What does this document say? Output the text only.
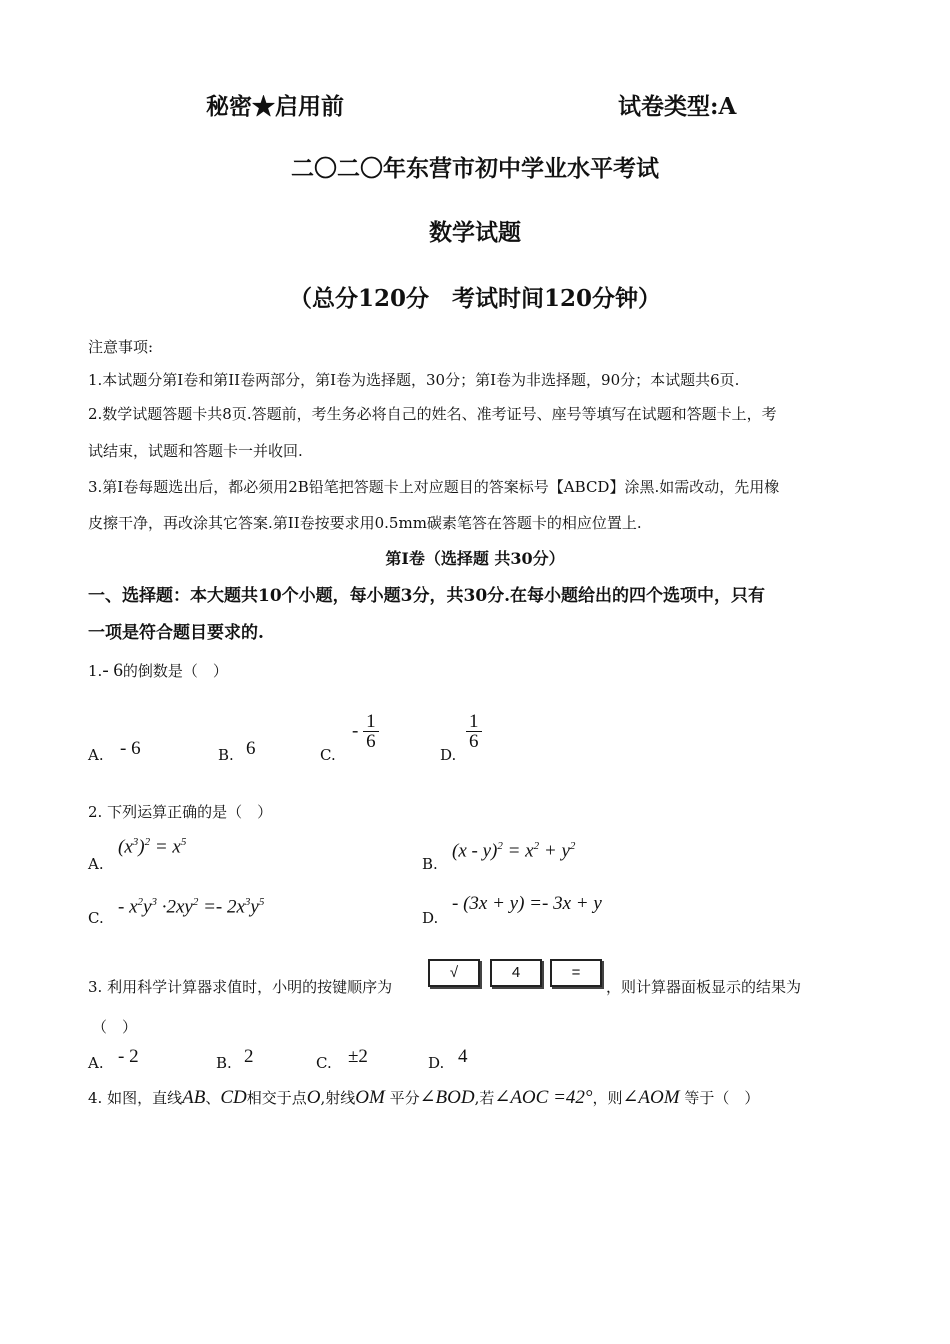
秘密★启用前	试卷类型:A
二〇二〇年东营市初中学业水平考试
数学试题
（总分120分　考试时间120分钟）
注意事项:
1.本试题分第Ⅰ卷和第II卷两部分，第Ⅰ卷为选择题，30分；第Ⅰ卷为非选择题，90分；本试题共6页.
2.数学试题答题卡共8页.答题前，考生务必将自己的姓名、准考证号、座号等填写在试题和答题卡上，考
试结束，试题和答题卡一并收回.
3.第Ⅰ卷每题选出后，都必须用2B铅笔把答题卡上对应题目的答案标号【ABCD】涂黑.如需改动，先用橡
皮擦干净，再改涂其它答案.第II卷按要求用0.5mm碳素笔答在答题卡的相应位置上.
第Ⅰ卷（选择题 共30分）
一、选择题：本大题共10个小题，每小题3分，共30分.在每小题给出的四个选项中，只有
一项是符合题目要求的.
1.- 6的倒数是（　）
A. - 6	B. 6	C.
- $\frac{1}{6}$
D.
$\frac{1}{6}$
2. 下列运算正确的是（　）
A.
$(x^3)^2 = x^5$
B.
$(x - y)^2 = x^2 + y^2$
C.
- $x^2y^3 \cdot 2xy^2 =- 2x^3y^5$
D.
- (3x + y) =- 3x + y
3. 利用科学计算器求值时，小明的按键顺序为
√	4	=
，则计算器面板显示的结果为
（　）
A. - 2	B. 2	C. ±2	D. 4
4. 如图，直线AB、CD相交于点O,射线OM 平分∠BOD,若∠AOC =42°，则∠AOM 等于（　）
